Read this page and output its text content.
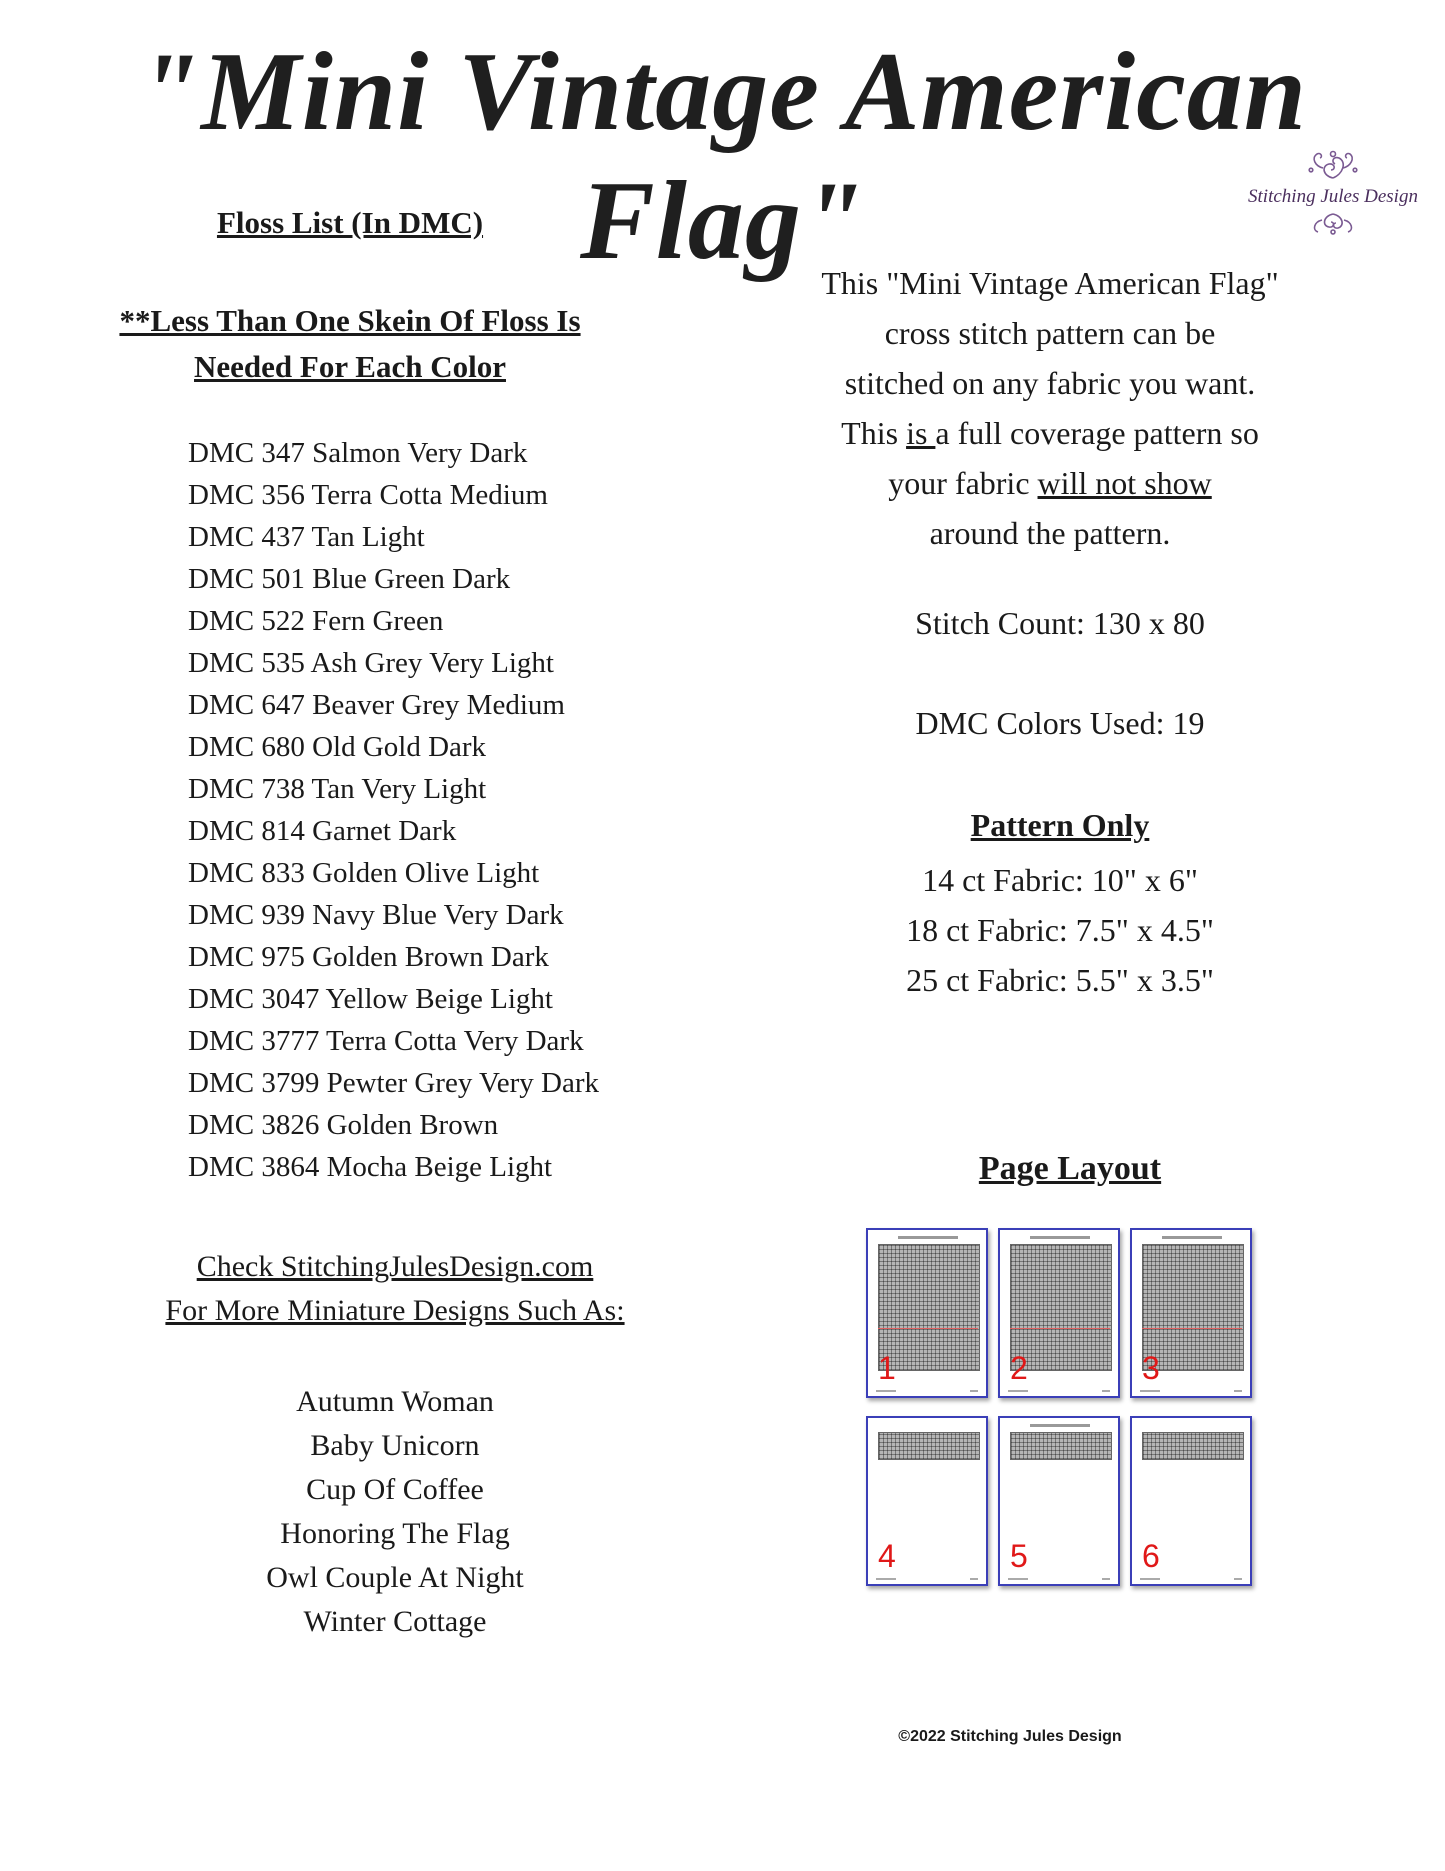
"Mini Vintage American Flag"	Stitching Jules Design
Floss List (In DMC)
**Less Than One Skein Of Floss Is
Needed For Each Color
DMC 347 Salmon Very Dark
DMC 356 Terra Cotta Medium
DMC 437 Tan Light
DMC 501 Blue Green Dark
DMC 522 Fern Green
DMC 535 Ash Grey Very Light
DMC 647 Beaver Grey Medium
DMC 680 Old Gold Dark
DMC 738 Tan Very Light
DMC 814 Garnet Dark
DMC 833 Golden Olive Light
DMC 939 Navy Blue Very Dark
DMC 975 Golden Brown Dark
DMC 3047 Yellow Beige Light
DMC 3777 Terra Cotta Very Dark
DMC 3799 Pewter Grey Very Dark
DMC 3826 Golden Brown
DMC 3864 Mocha Beige Light
Check StitchingJulesDesign.com
For More Miniature Designs Such As:
Autumn Woman
Baby Unicorn
Cup Of Coffee
Honoring The Flag
Owl Couple At Night
Winter Cottage
This "Mini Vintage American Flag"
cross stitch pattern can be
stitched on any fabric you want.
This is a full coverage pattern so
your fabric will not show
around the pattern.
Stitch Count: 130 x 80
DMC Colors Used: 19
Pattern Only
14 ct Fabric: 10" x 6"
18 ct Fabric: 7.5" x 4.5"
25 ct Fabric: 5.5" x 3.5"
Page Layout
1	2	3
4	5	6
©2022 Stitching Jules Design
